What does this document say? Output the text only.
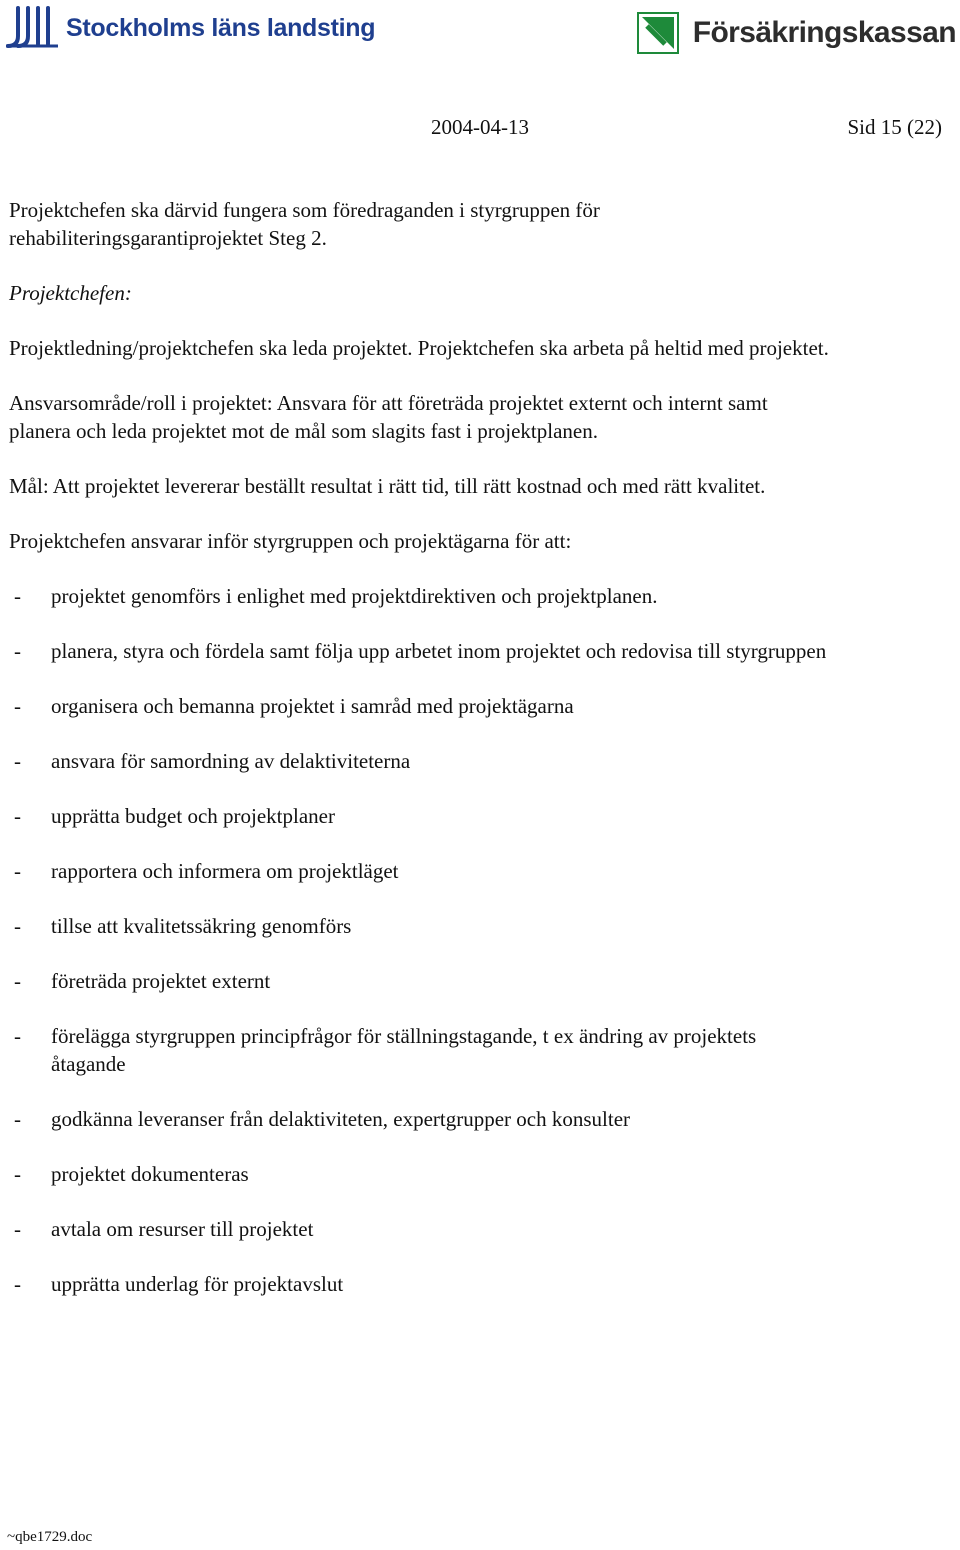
Stockholms läns landsting	Försäkringskassan
2004-04-13	Sid 15 (22)

Projektchefen ska därvid fungera som föredraganden i styrgruppen för rehabiliteringsgarantiprojektet Steg 2.

Projektchefen:

Projektledning/projektchefen ska leda projektet. Projektchefen ska arbeta på heltid med projektet.

Ansvarsområde/roll i projektet: Ansvara för att företräda projektet externt och internt samt planera och leda projektet mot de mål som slagits fast i projektplanen.

Mål: Att projektet levererar beställt resultat i rätt tid, till rätt kostnad och med rätt kvalitet.

Projektchefen ansvarar inför styrgruppen och projektägarna för att:

- projektet genomförs i enlighet med projektdirektiven och projektplanen.
- planera, styra och fördela samt följa upp arbetet inom projektet och redovisa till styrgruppen
- organisera och bemanna projektet i samråd med projektägarna
- ansvara för samordning av delaktiviteterna
- upprätta budget och projektplaner
- rapportera och informera om projektläget
- tillse att kvalitetssäkring genomförs
- företräda projektet externt
- förelägga styrgruppen principfrågor för ställningstagande, t ex ändring av projektets åtagande
- godkänna leveranser från delaktiviteten, expertgrupper och konsulter
- projektet dokumenteras
- avtala om resurser till projektet
- upprätta underlag för projektavslut
~qbe1729.doc
